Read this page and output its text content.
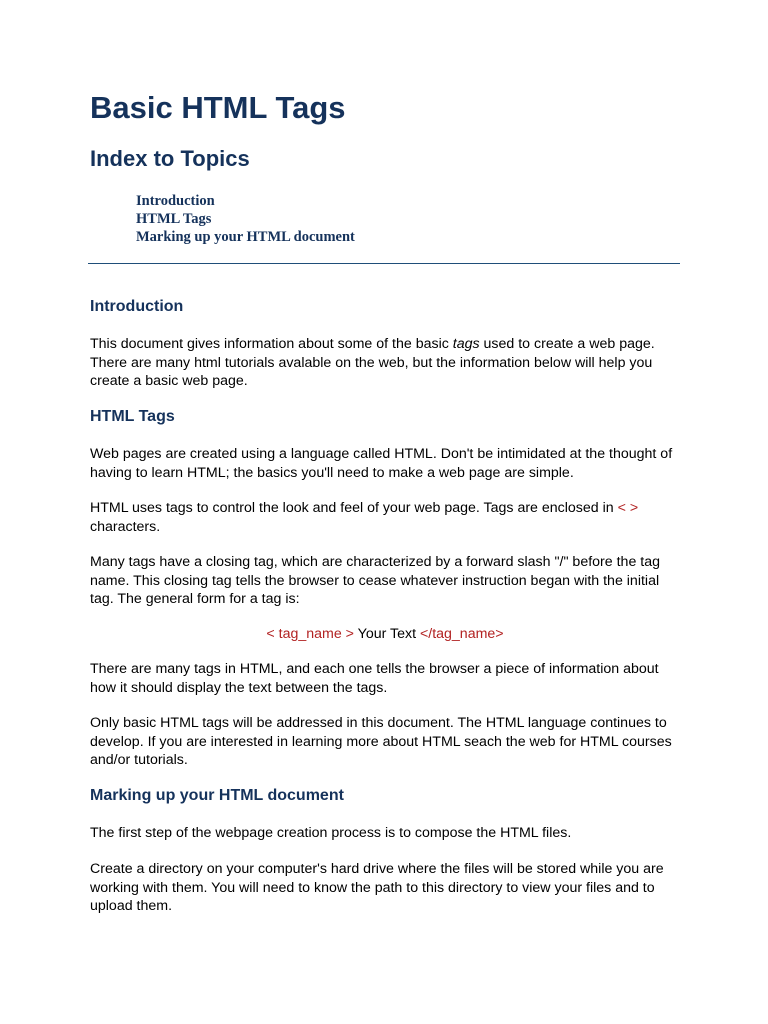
Basic HTML Tags
Index to Topics
Introduction
HTML Tags
Marking up your HTML document
Introduction

This document gives information about some of the basic tags used to create a web page. There are many html tutorials avalable on the web, but the information below will help you create a basic web page.

HTML Tags

Web pages are created using a language called HTML. Don't be intimidated at the thought of having to learn HTML; the basics you'll need to make a web page are simple.

HTML uses tags to control the look and feel of your web page. Tags are enclosed in < > characters.

Many tags have a closing tag, which are characterized by a forward slash "/" before the tag name. This closing tag tells the browser to cease whatever instruction began with the initial tag. The general form for a tag is:

< tag_name > Your Text </tag_name>

There are many tags in HTML, and each one tells the browser a piece of information about how it should display the text between the tags.

Only basic HTML tags will be addressed in this document. The HTML language continues to develop. If you are interested in learning more about HTML seach the web for HTML courses and/or tutorials.

Marking up your HTML document

The first step of the webpage creation process is to compose the HTML files.

Create a directory on your computer's hard drive where the files will be stored while you are working with them. You will need to know the path to this directory to view your files and to upload them.
